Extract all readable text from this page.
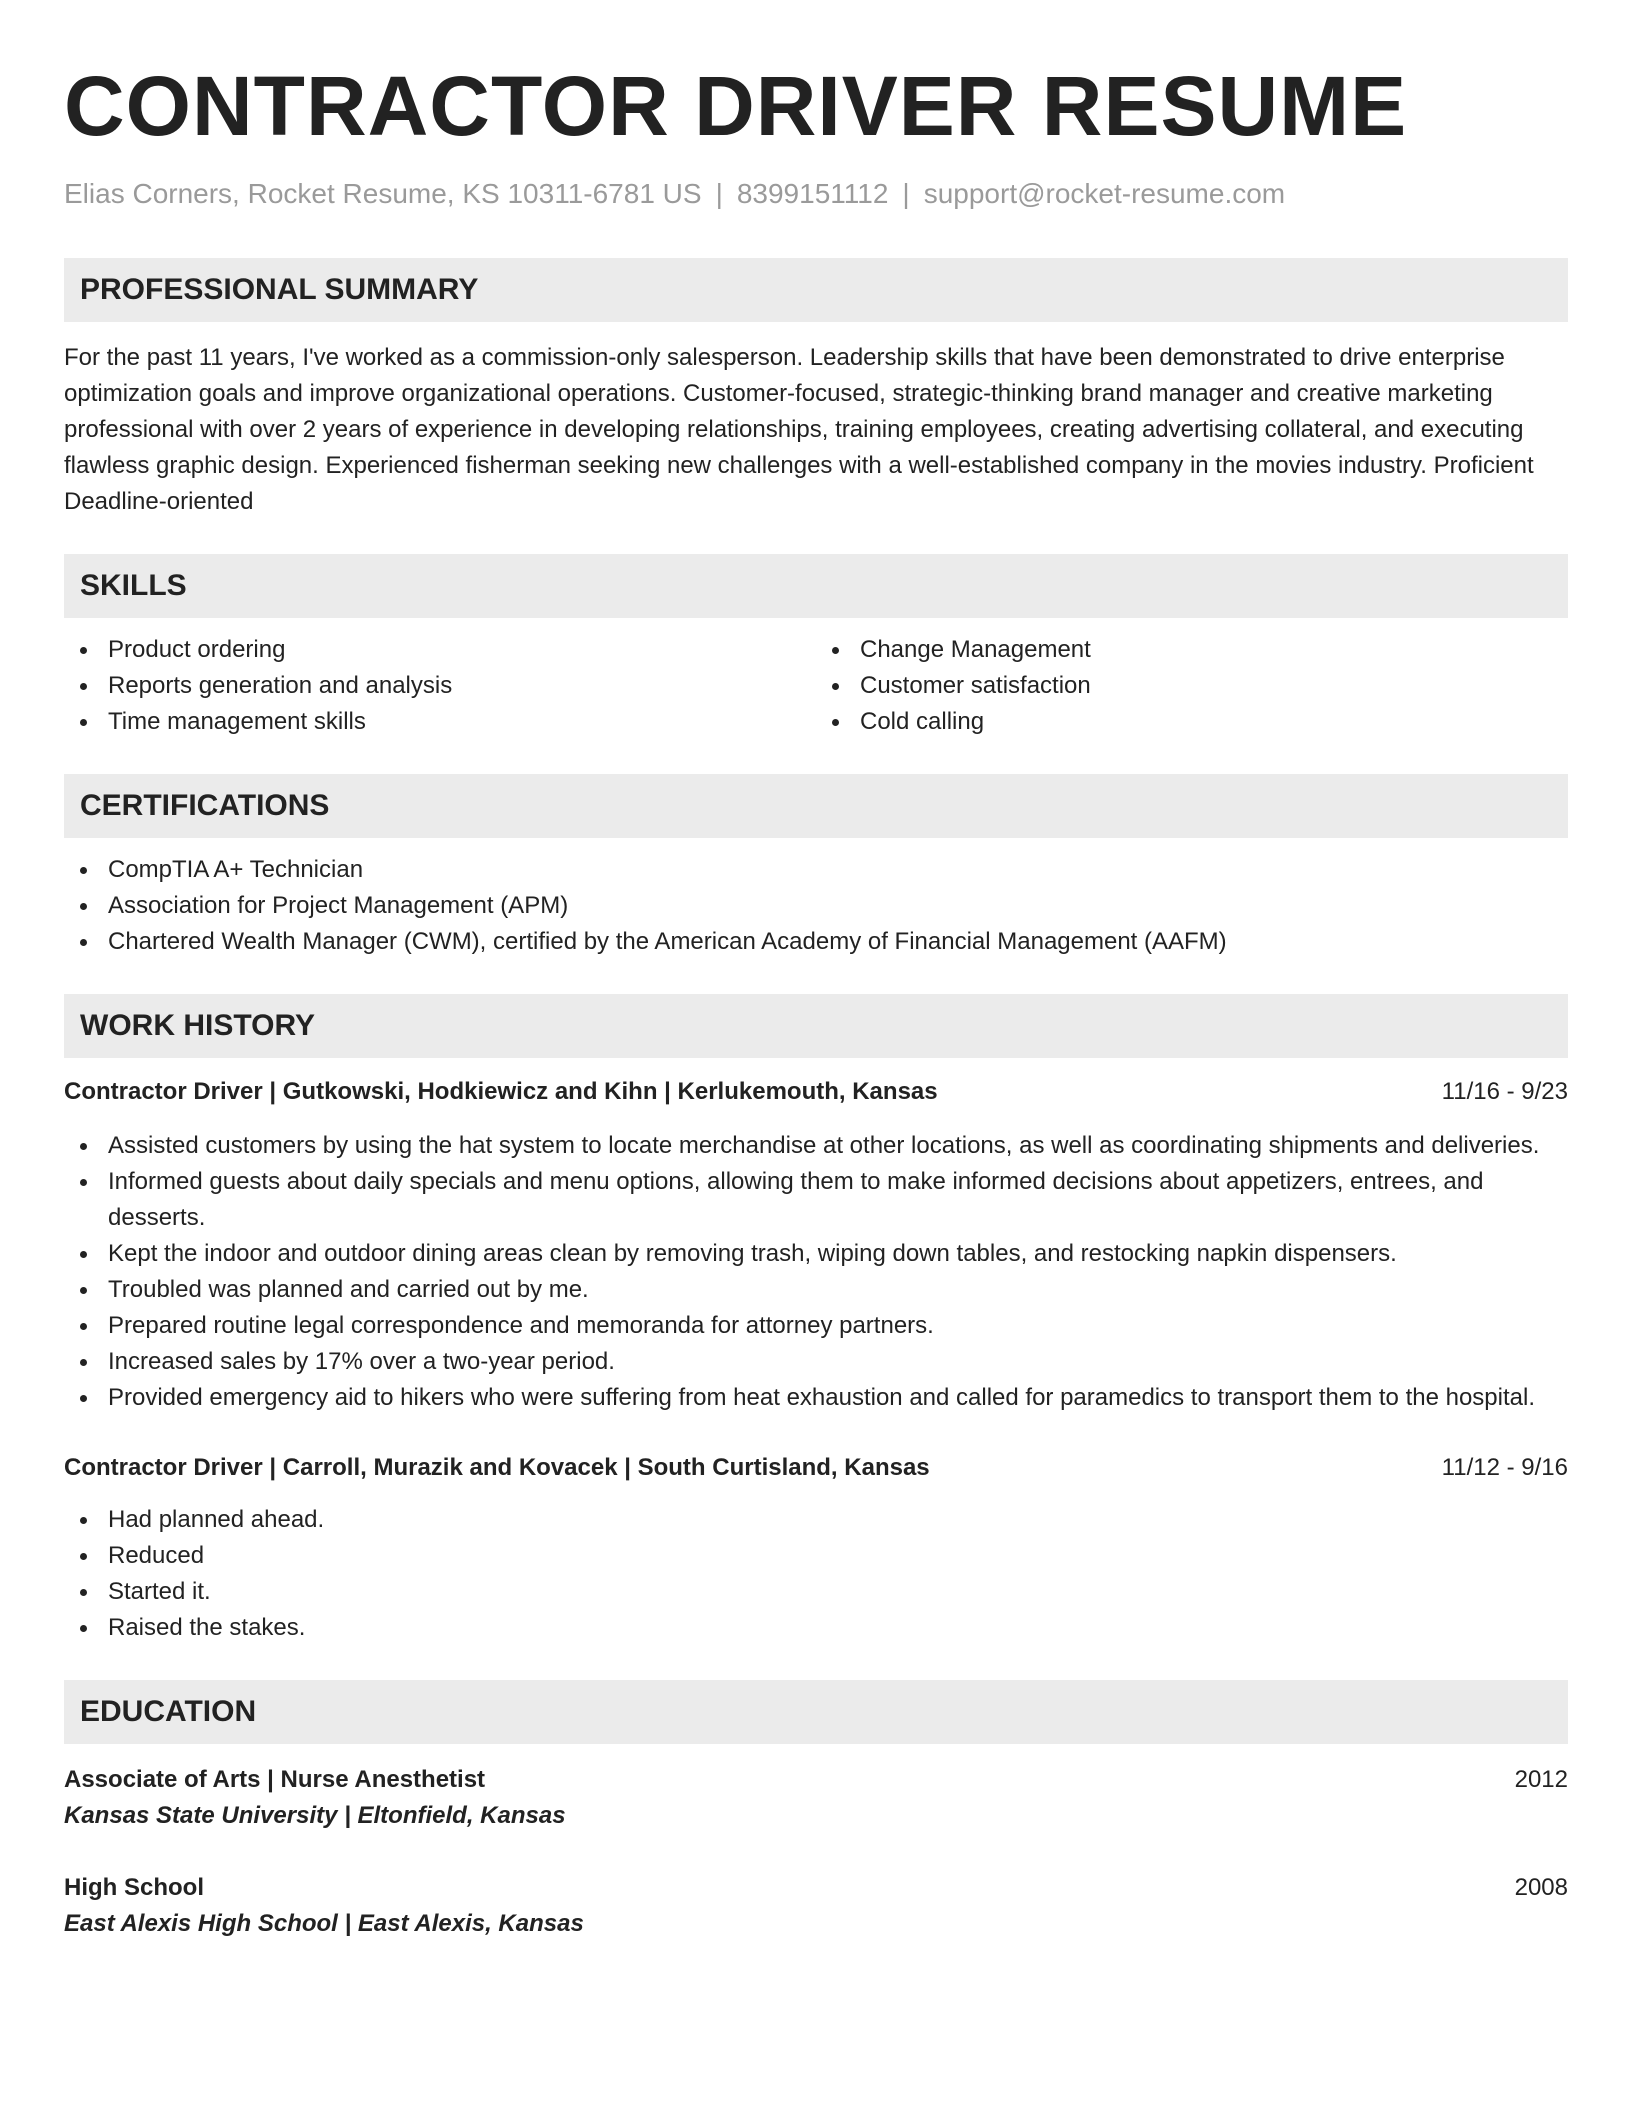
CONTRACTOR DRIVER RESUME
Elias Corners, Rocket Resume, KS 10311-6781 US | 8399151112 | support@rocket-resume.com
PROFESSIONAL SUMMARY

For the past 11 years, I've worked as a commission-only salesperson. Leadership skills that have been demonstrated to drive enterprise optimization goals and improve organizational operations. Customer-focused, strategic-thinking brand manager and creative marketing professional with over 2 years of experience in developing relationships, training employees, creating advertising collateral, and executing flawless graphic design. Experienced fisherman seeking new challenges with a well-established company in the movies industry. Proficient Deadline-oriented

SKILLS
Product ordering
Reports generation and analysis
Time management skills
Change Management
Customer satisfaction
Cold calling
CERTIFICATIONS
CompTIA A+ Technician
Association for Project Management (APM)
Chartered Wealth Manager (CWM), certified by the American Academy of Financial Management (AAFM)
WORK HISTORY
Contractor Driver | Gutkowski, Hodkiewicz and Kihn | Kerlukemouth, Kansas	11/16 - 9/23
Assisted customers by using the hat system to locate merchandise at other locations, as well as coordinating shipments and deliveries.
Informed guests about daily specials and menu options, allowing them to make informed decisions about appetizers, entrees, and desserts.
Kept the indoor and outdoor dining areas clean by removing trash, wiping down tables, and restocking napkin dispensers.
Troubled was planned and carried out by me.
Prepared routine legal correspondence and memoranda for attorney partners.
Increased sales by 17% over a two-year period.
Provided emergency aid to hikers who were suffering from heat exhaustion and called for paramedics to transport them to the hospital.
Contractor Driver | Carroll, Murazik and Kovacek | South Curtisland, Kansas	11/12 - 9/16
Had planned ahead.
Reduced
Started it.
Raised the stakes.
EDUCATION
Associate of Arts | Nurse Anesthetist	2012
Kansas State University | Eltonfield, Kansas
High School	2008
East Alexis High School | East Alexis, Kansas
